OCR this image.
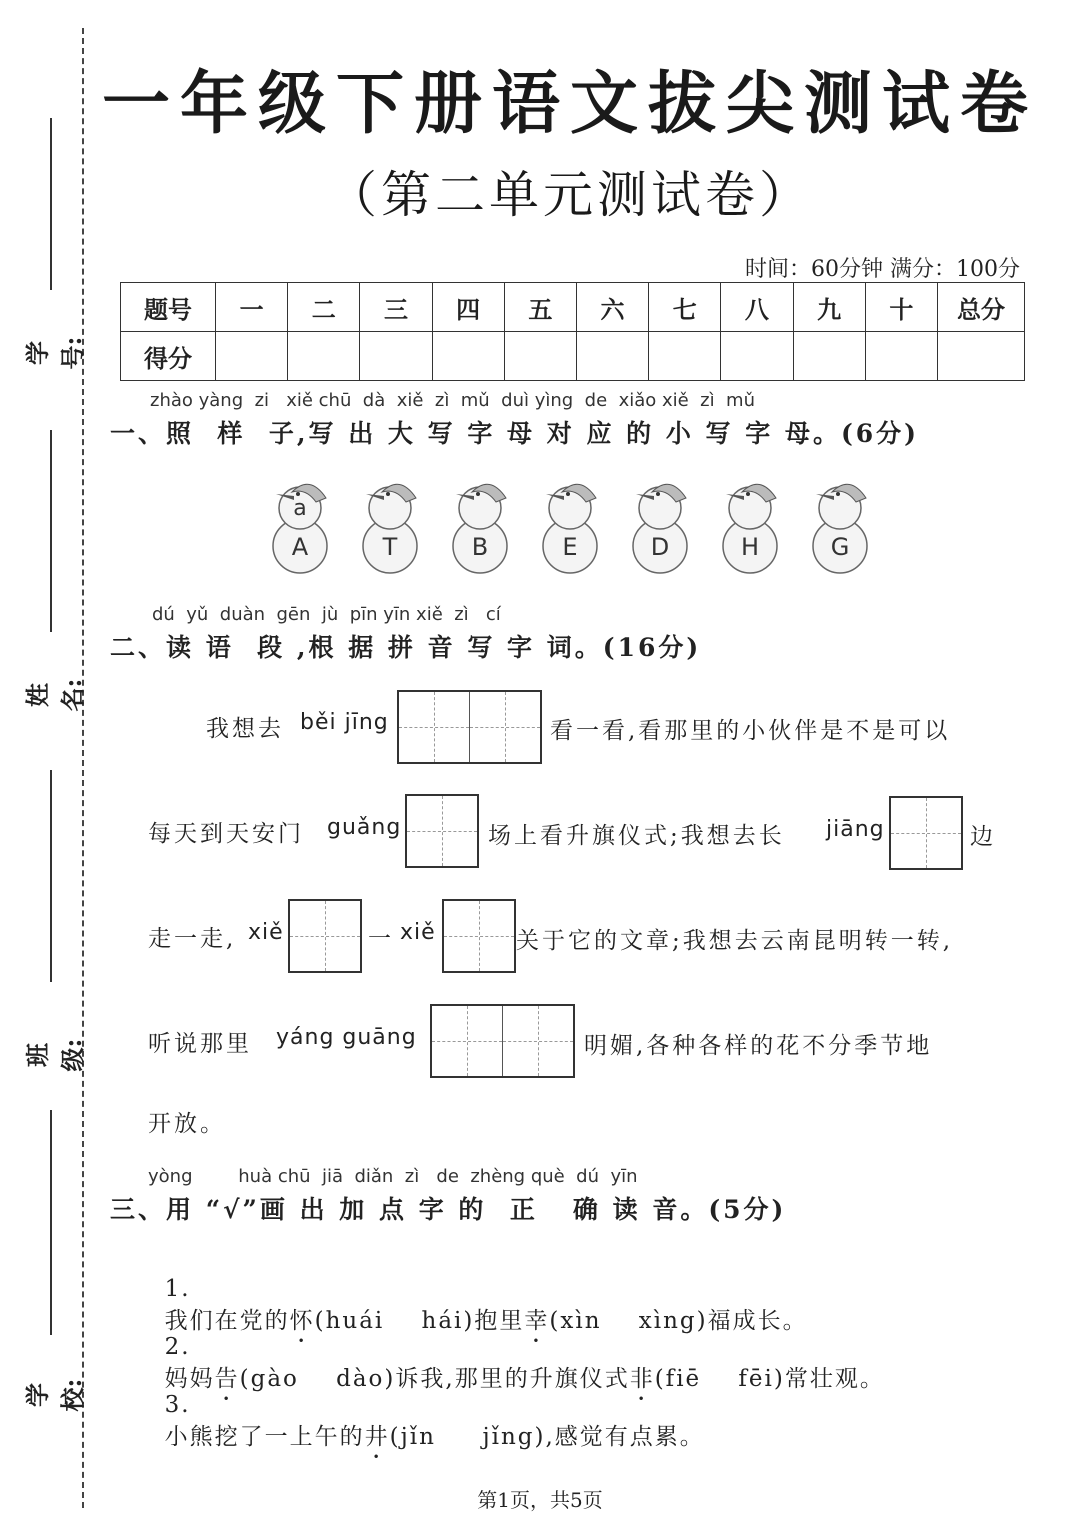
学号:
姓名:
班级:
学校:
一年级下册语文拔尖测试卷
（第二单元测试卷）
时间：60分钟 满分：100分
题号	一	二	三	四	五	六	七	八	九	十	总分
得分											
zhào yàng  zi   xiě chū  dà  xiě  zì  mǔ  duì yìng  de  xiǎo xiě  zì  mǔ
一、照  样  子,写 出 大 写 字 母 对 应 的 小 写 字 母。(6分)
A
a
T	B	E	D	H	G
dú  yǔ  duàn  gēn  jù  pīn yīn xiě  zì   cí
二、读 语  段 ,根 据 拼 音 写 字 词。(16分)
我想去 běi jīng	看一看,看那里的小伙伴是不是可以
每天到天安门 guǎng	场上看升旗仪式;我想去长 jiāng	边
走一走, xiě	一 xiě	关于它的文章;我想去云南昆明转一转,
听说那里 yáng guāng	明媚,各种各样的花不分季节地
开放。
yòng        huà chū  jiā  diǎn  zì   de  zhèng què  dú  yīn
三、用 “√”画 出 加 点 字 的  正   确 读 音。(5分)

1.
我们在党的怀(huái    hái)抱里幸(xìn    xìng)福成长。

2.
妈妈告(gào    dào)诉我,那里的升旗仪式非(fiē    fēi)常壮观。

3.
小熊挖了一上午的井(jǐn     jǐng),感觉有点累。

第1页，共5页
